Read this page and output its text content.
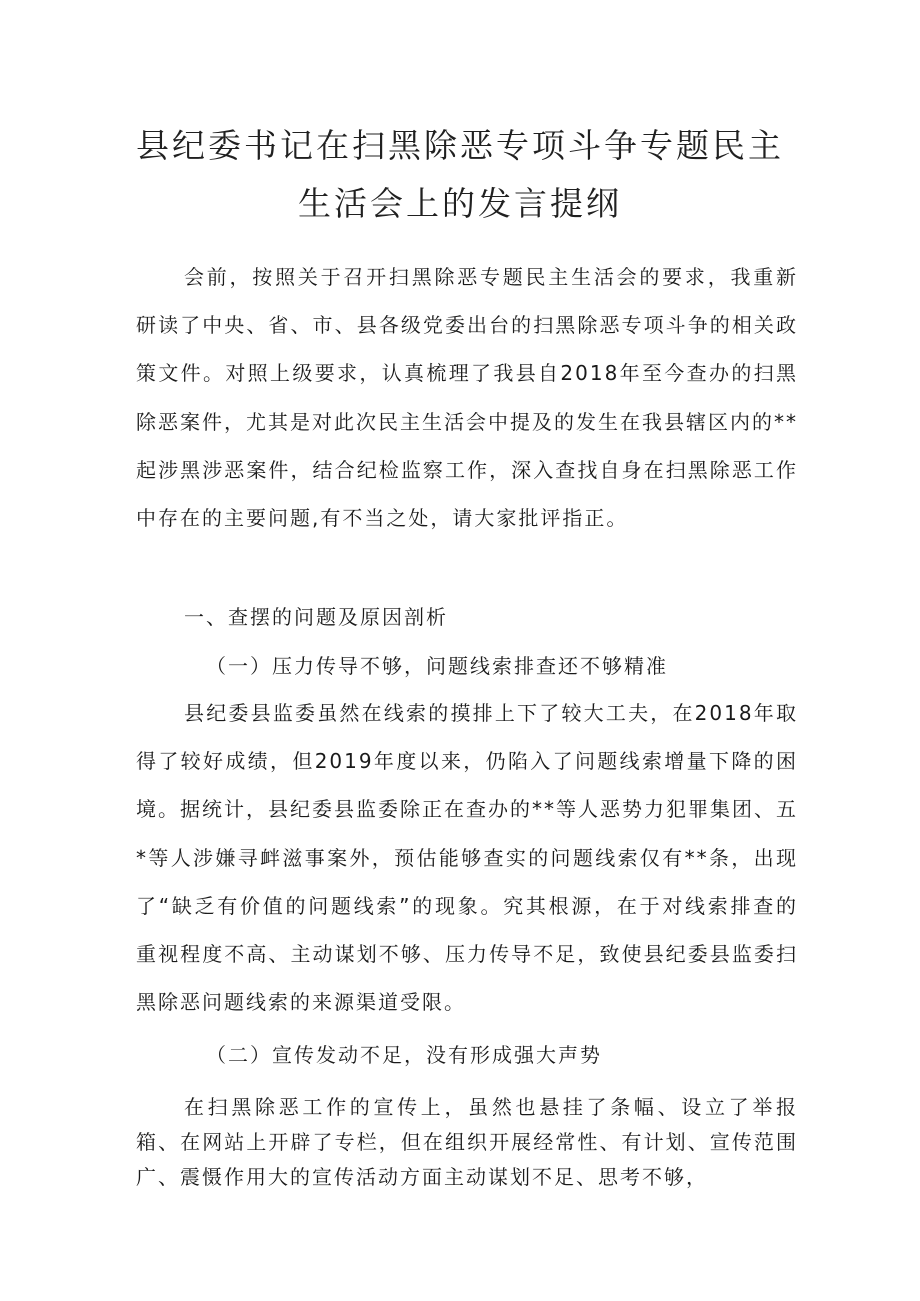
县纪委书记在扫黑除恶专项斗争专题民主
生活会上的发言提纲

会前，按照关于召开扫黑除恶专题民主生活会的要求，我重新研读了中央、省、市、县各级党委出台的扫黑除恶专项斗争的相关政策文件。对照上级要求，认真梳理了我县自2018年至今查办的扫黑除恶案件，尤其是对此次民主生活会中提及的发生在我县辖区内的**起涉黑涉恶案件，结合纪检监察工作，深入查找自身在扫黑除恶工作中存在的主要问题,有不当之处，请大家批评指正。

一、查摆的问题及原因剖析

（一）压力传导不够，问题线索排查还不够精准

县纪委县监委虽然在线索的摸排上下了较大工夫，在2018年取得了较好成绩，但2019年度以来，仍陷入了问题线索增量下降的困境。据统计，县纪委县监委除正在查办的**等人恶势力犯罪集团、五*等人涉嫌寻衅滋事案外，预估能够查实的问题线索仅有**条，出现了“缺乏有价值的问题线索”的现象。究其根源，在于对线索排查的重视程度不高、主动谋划不够、压力传导不足，致使县纪委县监委扫黑除恶问题线索的来源渠道受限。

（二）宣传发动不足，没有形成强大声势

在扫黑除恶工作的宣传上，虽然也悬挂了条幅、设立了举报箱、在网站上开辟了专栏，但在组织开展经常性、有计划、宣传范围广、震慑作用大的宣传活动方面主动谋划不足、思考不够，
